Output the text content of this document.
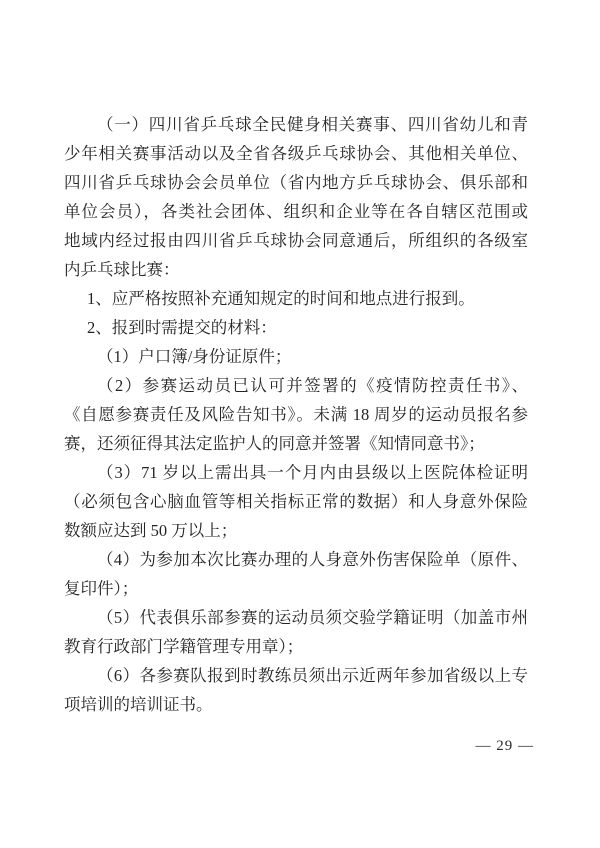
（一）四川省乒乓球全民健身相关赛事、四川省幼儿和青
少年相关赛事活动以及全省各级乒乓球协会、其他相关单位、
四川省乒乓球协会会员单位（省内地方乒乓球协会、俱乐部和
单位会员），各类社会团体、组织和企业等在各自辖区范围或
地域内经过报由四川省乒乓球协会同意通后，所组织的各级室
内乒乓球比赛：
1、应严格按照补充通知规定的时间和地点进行报到。
2、报到时需提交的材料：
（1）户口簿/身份证原件；
（2）参赛运动员已认可并签署的《疫情防控责任书》、
《自愿参赛责任及风险告知书》。未满 18 周岁的运动员报名参
赛，还须征得其法定监护人的同意并签署《知情同意书》；
（3）71 岁以上需出具一个月内由县级以上医院体检证明
（必须包含心脑血管等相关指标正常的数据）和人身意外保险
数额应达到 50 万以上；
（4）为参加本次比赛办理的人身意外伤害保险单（原件、
复印件）；
（5）代表俱乐部参赛的运动员须交验学籍证明（加盖市州
教育行政部门学籍管理专用章）；
（6）各参赛队报到时教练员须出示近两年参加省级以上专
项培训的培训证书。
— 29 —
